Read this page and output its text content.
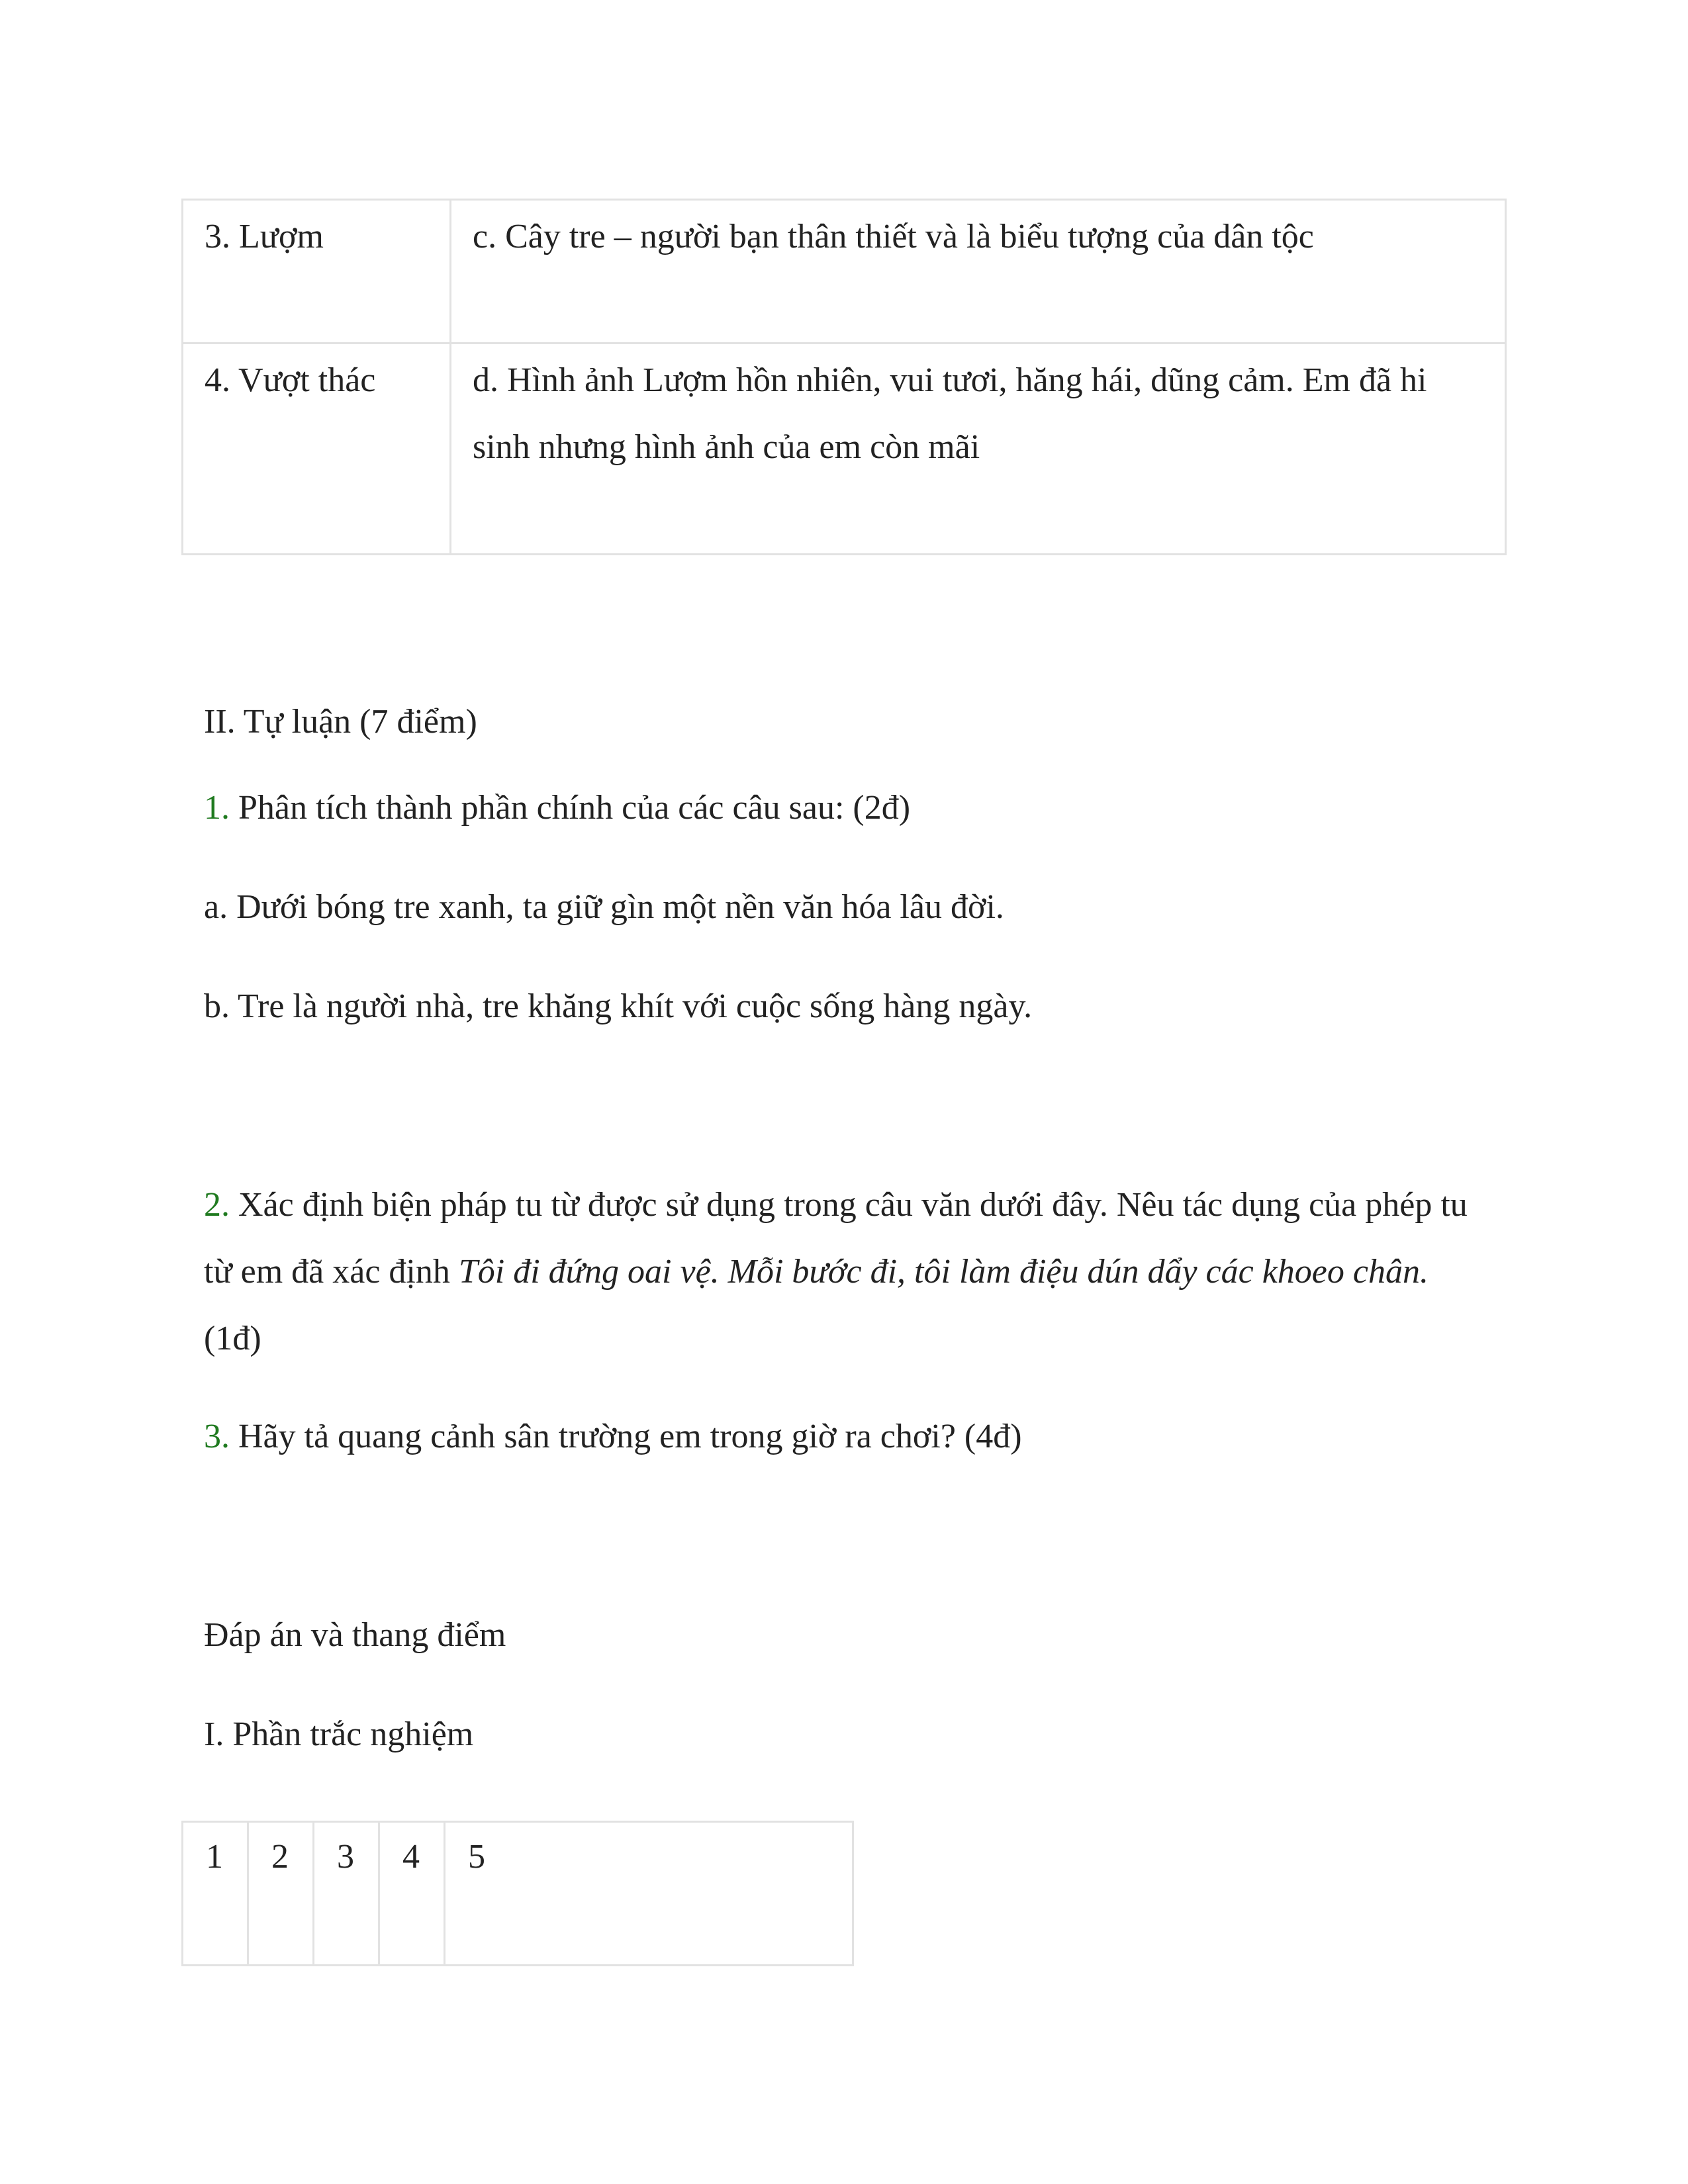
3. Lượm	c. Cây tre – người bạn thân thiết và là biểu tượng của dân tộc

4. Vượt thác	d. Hình ảnh Lượm hồn nhiên, vui tươi, hăng hái, dũng cảm. Em đã hi sinh nhưng hình ảnh của em còn mãi

II. Tự luận (7 điểm)

1. Phân tích thành phần chính của các câu sau: (2đ)

a. Dưới bóng tre xanh, ta giữ gìn một nền văn hóa lâu đời.

b. Tre là người nhà, tre khăng khít với cuộc sống hàng ngày.

2. Xác định biện pháp tu từ được sử dụng trong câu văn dưới đây. Nêu tác dụng của phép tu từ em đã xác định Tôi đi đứng oai vệ. Mỗi bước đi, tôi làm điệu dún dẩy các khoeo chân. (1đ)

3. Hãy tả quang cảnh sân trường em trong giờ ra chơi? (4đ)

Đáp án và thang điểm

I. Phần trắc nghiệm

1	2	3	4	5
